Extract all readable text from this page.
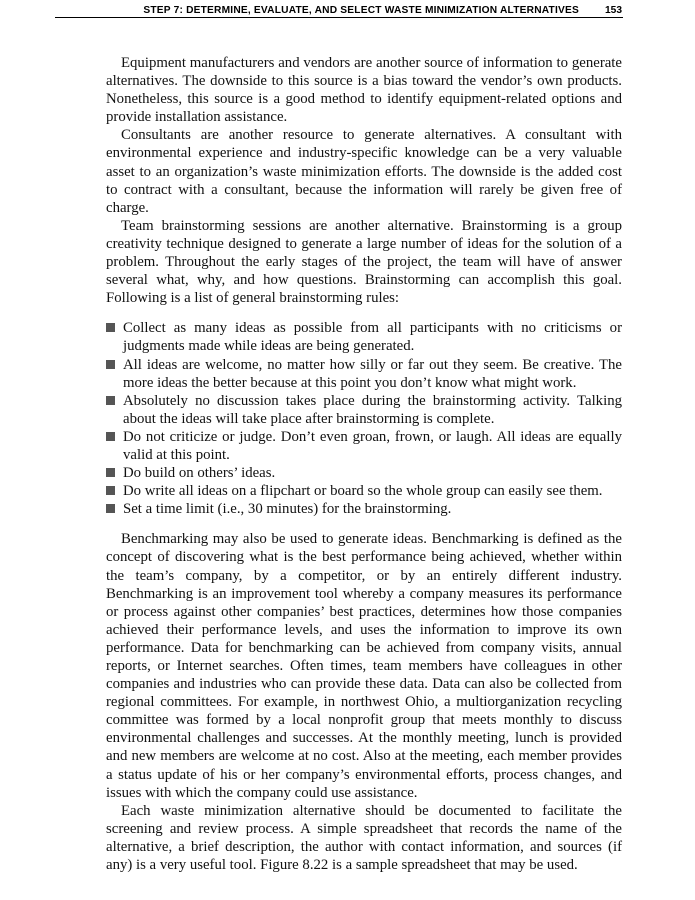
STEP 7: DETERMINE, EVALUATE, AND SELECT WASTE MINIMIZATION ALTERNATIVES	153

Equipment manufacturers and vendors are another source of information to generate alternatives. The downside to this source is a bias toward the vendor’s own products. Nonetheless, this source is a good method to identify equipment-related options and provide installation assistance.

Consultants are another resource to generate alternatives. A consultant with environmental experience and industry-specific knowledge can be a very valuable asset to an organization’s waste minimization efforts. The downside is the added cost to contract with a consultant, because the information will rarely be given free of charge.

Team brainstorming sessions are another alternative. Brainstorming is a group creativity technique designed to generate a large number of ideas for the solution of a problem. Throughout the early stages of the project, the team will have of answer several what, why, and how questions. Brainstorming can accomplish this goal. Following is a list of general brainstorming rules:

Collect as many ideas as possible from all participants with no criticisms or judgments made while ideas are being generated.
All ideas are welcome, no matter how silly or far out they seem. Be creative. The more ideas the better because at this point you don’t know what might work.
Absolutely no discussion takes place during the brainstorming activity. Talking about the ideas will take place after brainstorming is complete.
Do not criticize or judge. Don’t even groan, frown, or laugh. All ideas are equally valid at this point.
Do build on others’ ideas.
Do write all ideas on a flipchart or board so the whole group can easily see them.
Set a time limit (i.e., 30 minutes) for the brainstorming.

Benchmarking may also be used to generate ideas. Benchmarking is defined as the concept of discovering what is the best performance being achieved, whether within the team’s company, by a competitor, or by an entirely different industry. Benchmarking is an improvement tool whereby a company measures its performance or process against other companies’ best practices, determines how those companies achieved their performance levels, and uses the information to improve its own performance. Data for benchmarking can be achieved from company visits, annual reports, or Internet searches. Often times, team members have colleagues in other companies and industries who can provide these data. Data can also be collected from regional committees. For example, in northwest Ohio, a multiorganization recycling committee was formed by a local nonprofit group that meets monthly to discuss environmental challenges and successes. At the monthly meeting, lunch is provided and new members are welcome at no cost. Also at the meeting, each member provides a status update of his or her company’s environmental efforts, process changes, and issues with which the company could use assistance.

Each waste minimization alternative should be documented to facilitate the screening and review process. A simple spreadsheet that records the name of the alternative, a brief description, the author with contact information, and sources (if any) is a very useful tool. Figure 8.22 is a sample spreadsheet that may be used.
